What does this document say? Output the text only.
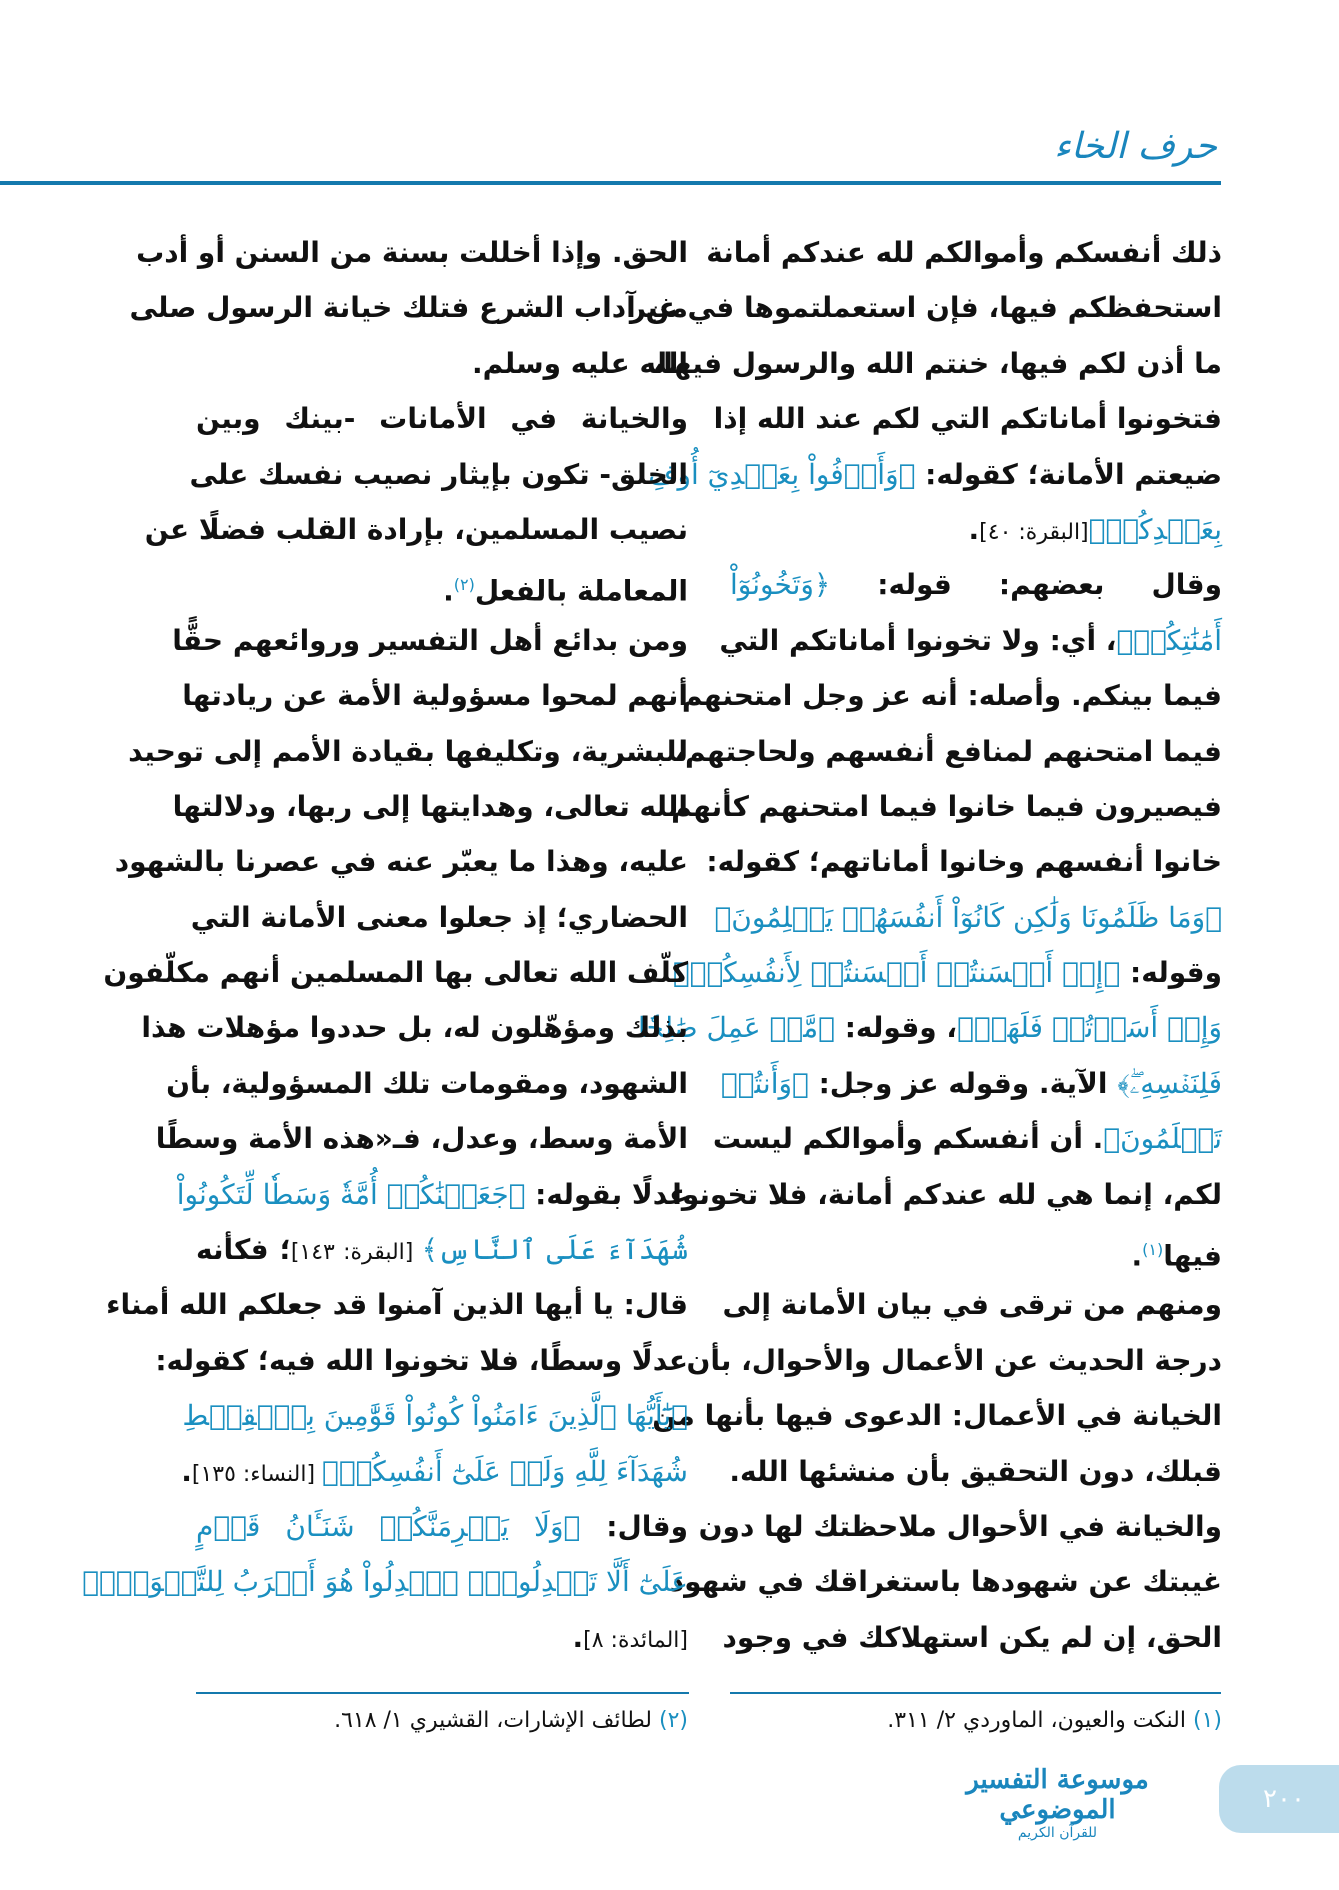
حرف الخاء
ذلك أنفسكم وأموالكم لله عندكم أمانة
استحفظكم فيها، فإن استعملتموها في غير
ما أذن لكم فيها، خنتم الله والرسول فيها،
فتخونوا أماناتكم التي لكم عند الله إذا
ضيعتم الأمانة؛ كقوله: ﴿وَأَوۡفُواْ بِعَهۡدِيٓ أُوفِ
بِعَهۡدِكُمۡ﴾[البقرة: ٤٠].
وقال بعضهم: قوله: ﴿وَتَخُونُوٓاْ
أَمَٰنَٰتِكُمۡ﴾، أي: ولا تخونوا أماناتكم التي
فيما بينكم. وأصله: أنه عز وجل امتحنهم
فيما امتحنهم لمنافع أنفسهم ولحاجتهم،
فيصيرون فيما خانوا فيما امتحنهم كأنهم
خانوا أنفسهم وخانوا أماناتهم؛ كقوله:
﴿وَمَا ظَلَمُونَا وَلَٰكِن كَانُوٓاْ أَنفُسَهُمۡ يَظۡلِمُونَ﴾
وقوله: ﴿إِنۡ أَحۡسَنتُمۡ أَحۡسَنتُمۡ لِأَنفُسِكُمۡۖ
وَإِنۡ أَسَأۡتُمۡ فَلَهَاۚ﴾، وقوله: ﴿مَّنۡ عَمِلَ صَٰلِحٗا
فَلِنَفۡسِهِۦۖ﴾ الآية. وقوله عز وجل: ﴿وَأَنتُمۡ
تَعۡلَمُونَ﴾. أن أنفسكم وأموالكم ليست
لكم، إنما هي لله عندكم أمانة، فلا تخونوا
فيها$^{(١)}$.
ومنهم من ترقى في بيان الأمانة إلى
درجة الحديث عن الأعمال والأحوال، بأن
الخيانة في الأعمال: الدعوى فيها بأنها من
قبلك، دون التحقيق بأن منشئها الله.
والخيانة في الأحوال ملاحظتك لها دون
غيبتك عن شهودها باستغراقك في شهود
الحق، إن لم يكن استهلاكك في وجود
الحق. وإذا أخللت بسنة من السنن أو أدب
من آداب الشرع فتلك خيانة الرسول صلى
الله عليه وسلم.
والخيانة في الأمانات -بينك وبين
الخلق- تكون بإيثار نصيب نفسك على
نصيب المسلمين، بإرادة القلب فضلًا عن
المعاملة بالفعل$^{(٢)}$.
ومن بدائع أهل التفسير وروائعهم حقًّا
أنهم لمحوا مسؤولية الأمة عن ريادتها
للبشرية، وتكليفها بقيادة الأمم إلى توحيد
الله تعالى، وهدايتها إلى ربها، ودلالتها
عليه، وهذا ما يعبّر عنه في عصرنا بالشهود
الحضاري؛ إذ جعلوا معنى الأمانة التي
كلّف الله تعالى بها المسلمين أنهم مكلّفون
بذلك ومؤهّلون له، بل حددوا مؤهلات هذا
الشهود، ومقومات تلك المسؤولية، بأن
الأمة وسط، وعدل، فـ«هذه الأمة وسطًا
عدلًا بقوله: ﴿جَعَلۡنَٰكُمۡ أُمَّةٗ وَسَطٗا لِّتَكُونُواْ
شُهَدَآءَ عَلَى ٱلنَّاسِ﴾ [البقرة: ١٤٣]؛ فكأنه
قال: يا أيها الذين آمنوا قد جعلكم الله أمناء
عدلًا وسطًا، فلا تخونوا الله فيه؛ كقوله:
﴿يَٰٓأَيُّهَا ٱلَّذِينَ ءَامَنُواْ كُونُواْ قَوَّٰمِينَ بِٱلۡقِسۡطِ
شُهَدَآءَ لِلَّهِ وَلَوۡ عَلَىٰٓ أَنفُسِكُمۡ﴾ [النساء: ١٣٥].
وقال: ﴿وَلَا يَجۡرِمَنَّكُمۡ شَنَـَٔانُ قَوۡمٍ
عَلَىٰٓ أَلَّا تَعۡدِلُواْۚ ٱعۡدِلُواْ هُوَ أَقۡرَبُ لِلتَّقۡوَىٰۖ﴾
[المائدة: ٨].
(١) النكت والعيون، الماوردي ٢/ ٣١١.
(٢) لطائف الإشارات، القشيري ١/ ٦١٨.
موسوعة التفسير الموضوعي
للقرآن الكريم
٢٠٠
